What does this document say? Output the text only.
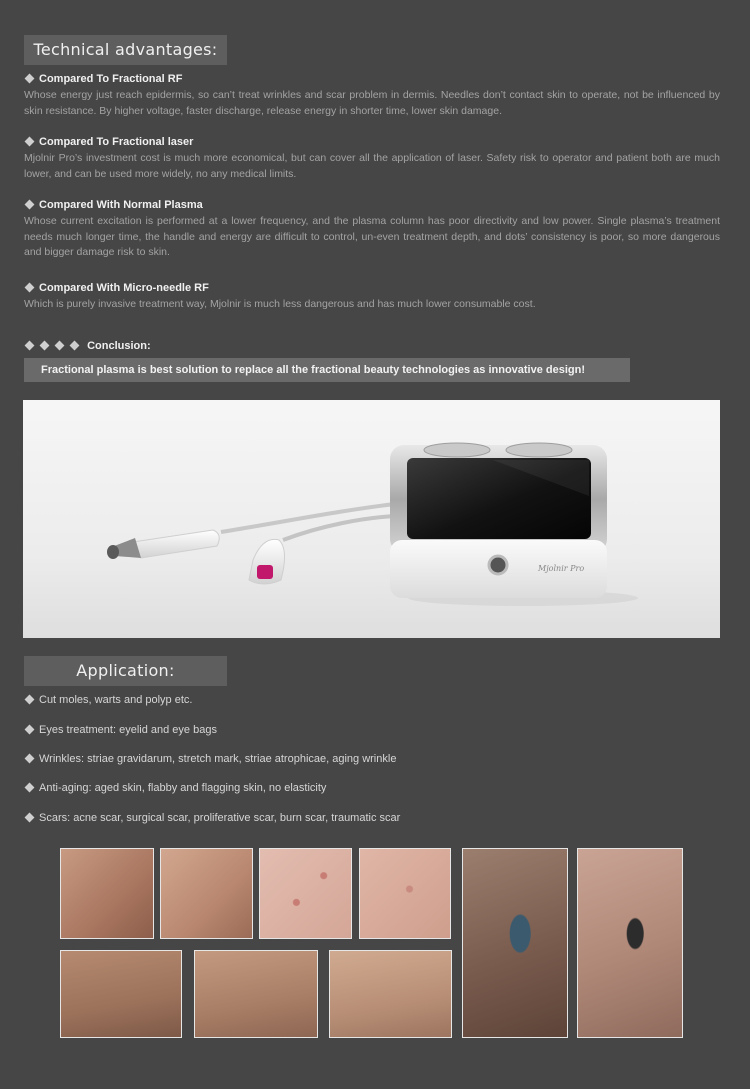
Technical advantages:
Compared To Fractional RF
Whose energy just reach epidermis, so can’t treat wrinkles and scar problem in dermis. Needles don’t contact skin to operate, not be influenced by skin resistance. By higher voltage, faster discharge, release energy in shorter time, lower skin damage.
Compared To Fractional laser
Mjolnir Pro’s investment cost is much more economical, but can cover all the application of laser. Safety risk to operator and patient both are much lower, and can be used more widely, no any medical limits.
Compared With Normal Plasma
Whose current excitation is performed at a lower frequency, and the plasma column has poor directivity and low power. Single plasma’s treatment needs much longer time, the handle and energy are difficult to control, un-even treatment depth, and dots’ consistency is poor, so more dangerous and bigger damage risk to skin.
Compared With Micro-needle RF
Which is purely invasive treatment way, Mjolnir is much less dangerous and has much lower consumable cost.
Conclusion:
Fractional plasma is best solution to replace all the fractional beauty technologies as innovative design!
Mjolnir Pro
Application:
Cut moles, warts and polyp etc.
Eyes treatment: eyelid and eye bags
Wrinkles: striae gravidarum, stretch mark, striae atrophicae, aging wrinkle
Anti-aging: aged skin, flabby and flagging skin, no elasticity
Scars: acne scar, surgical scar, proliferative scar, burn scar, traumatic scar
